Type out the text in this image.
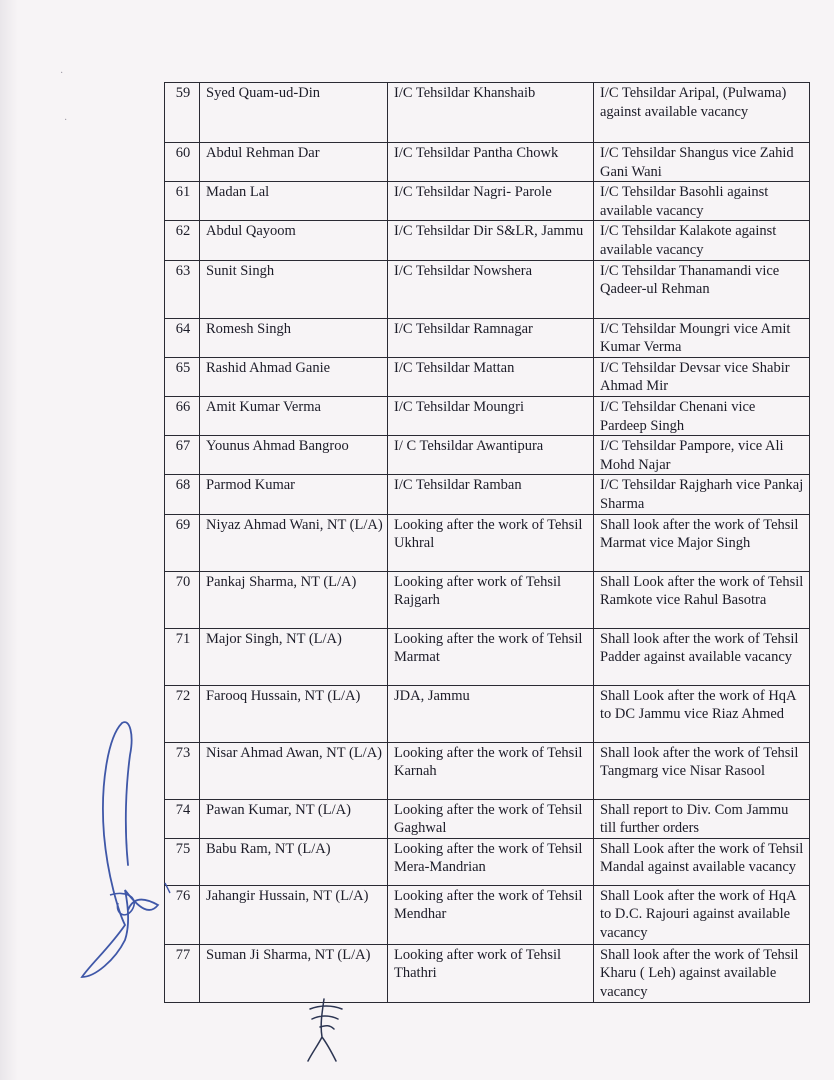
·
·
59	Syed Quam-ud-Din	I/C Tehsildar Khanshaib	I/C Tehsildar Aripal, (Pulwama) against available vacancy
60	Abdul Rehman Dar	I/C Tehsildar Pantha Chowk	I/C Tehsildar Shangus vice Zahid Gani Wani
61	Madan Lal	I/C Tehsildar Nagri- Parole	I/C Tehsildar Basohli against available vacancy
62	Abdul Qayoom	I/C Tehsildar Dir S&LR, Jammu	I/C Tehsildar Kalakote against available vacancy
63	Sunit Singh	I/C Tehsildar Nowshera	I/C Tehsildar Thanamandi vice Qadeer-ul Rehman
64	Romesh Singh	I/C Tehsildar Ramnagar	I/C Tehsildar Moungri vice Amit Kumar Verma
65	Rashid Ahmad Ganie	I/C Tehsildar Mattan	I/C Tehsildar Devsar vice Shabir Ahmad Mir
66	Amit Kumar Verma	I/C Tehsildar Moungri	I/C Tehsildar Chenani vice Pardeep Singh
67	Younus Ahmad Bangroo	I/ C Tehsildar Awantipura	I/C Tehsildar Pampore, vice Ali Mohd Najar
68	Parmod Kumar	I/C Tehsildar Ramban	I/C Tehsildar Rajgharh vice Pankaj Sharma
69	Niyaz Ahmad Wani, NT (L/A)	Looking after the work of Tehsil Ukhral	Shall look after the work of Tehsil Marmat vice Major Singh
70	Pankaj Sharma, NT (L/A)	Looking after work of Tehsil Rajgarh	Shall Look after the work of Tehsil Ramkote vice Rahul Basotra
71	Major Singh, NT (L/A)	Looking after the work of Tehsil Marmat	Shall look after the work of Tehsil Padder against available vacancy
72	Farooq Hussain, NT (L/A)	JDA, Jammu	Shall Look after the work of HqA to DC Jammu vice Riaz Ahmed
73	Nisar Ahmad Awan, NT (L/A)	Looking after the work of Tehsil Karnah	Shall look after the work of Tehsil Tangmarg vice Nisar Rasool
74	Pawan Kumar, NT (L/A)	Looking after the work of Tehsil Gaghwal	Shall report to Div. Com Jammu till further orders
75	Babu Ram, NT (L/A)	Looking after the work of Tehsil Mera-Mandrian	Shall Look after the work of Tehsil Mandal against available vacancy
76	Jahangir Hussain, NT (L/A)	Looking after the work of Tehsil Mendhar	Shall Look after the work of HqA to D.C. Rajouri against available vacancy
77	Suman Ji Sharma, NT (L/A)	Looking after work of Tehsil Thathri	Shall look after the work of Tehsil Kharu ( Leh) against available vacancy
